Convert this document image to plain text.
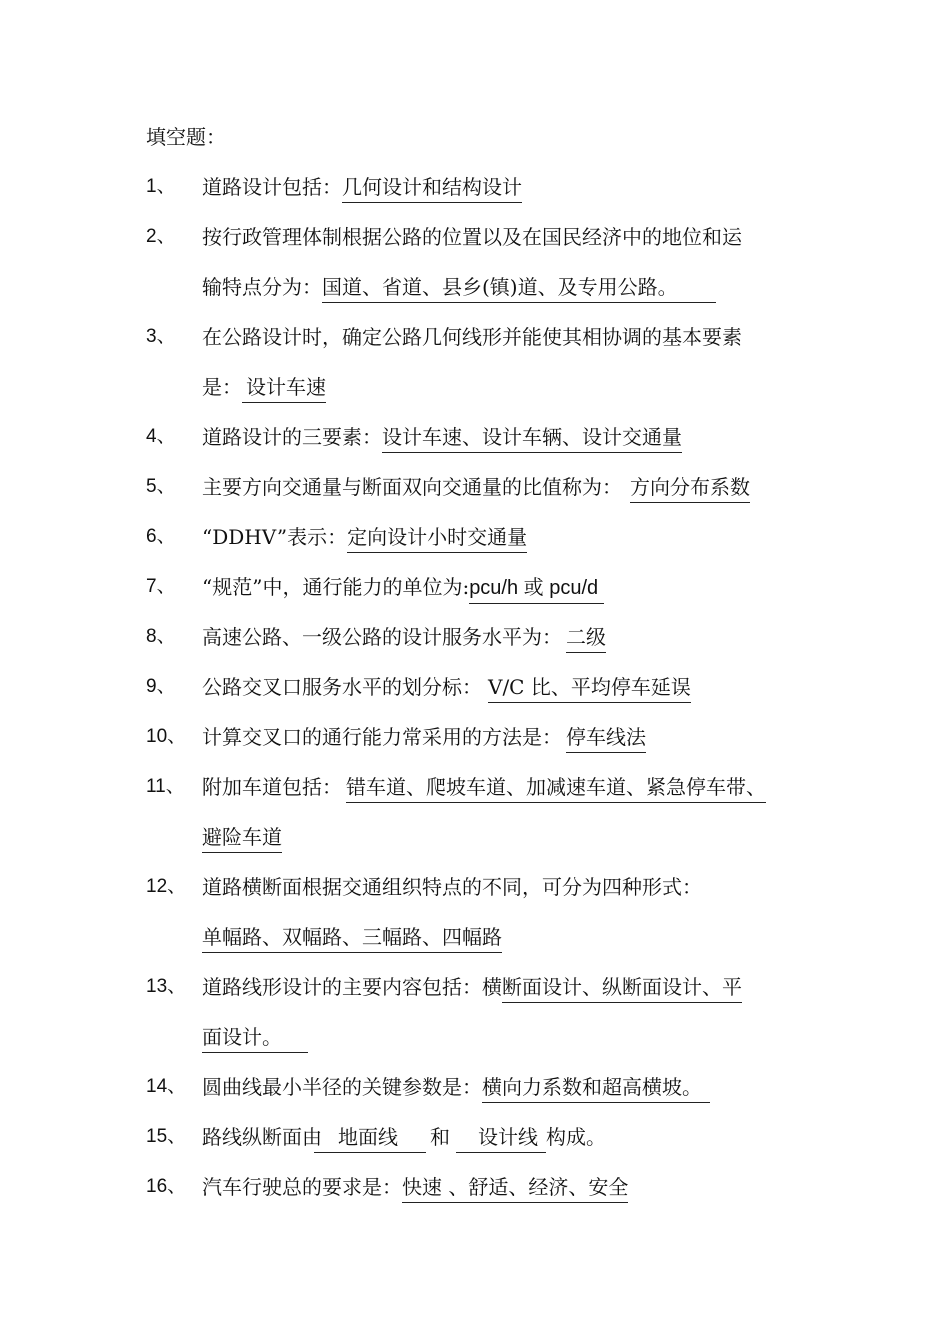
填空题：
1、 道路设计包括：几何设计和结构设计
2、 按行政管理体制根据公路的位置以及在国民经济中的地位和运
输特点分为：国道、省道、县乡(镇)道、及专用公路。
3、 在公路设计时，确定公路几何线形并能使其相协调的基本要素
是： 设计车速
4、 道路设计的三要素：设计车速、设计车辆、设计交通量
5、 主要方向交通量与断面双向交通量的比值称为： 方向分布系数
6、 “DDHV”表示：定向设计小时交通量
7、 “规范”中，通行能力的单位为:pcu/h 或 pcu/d
8、 高速公路、一级公路的设计服务水平为： 二级
9、 公路交叉口服务水平的划分标： V/C 比、平均停车延误
10、 计算交叉口的通行能力常采用的方法是： 停车线法
11、 附加车道包括： 错车道、爬坡车道、加减速车道、紧急停车带、
避险车道
12、 道路横断面根据交通组织特点的不同，可分为四种形式：
单幅路、双幅路、三幅路、四幅路
13、 道路线形设计的主要内容包括：横断面设计、纵断面设计、平
面设计。
14、 圆曲线最小半径的关键参数是：横向力系数和超高横坡。
15、 路线纵断面由 地面线 和 设计线 构成。
16、 汽车行驶总的要求是：快速 、舒适、经济、安全
